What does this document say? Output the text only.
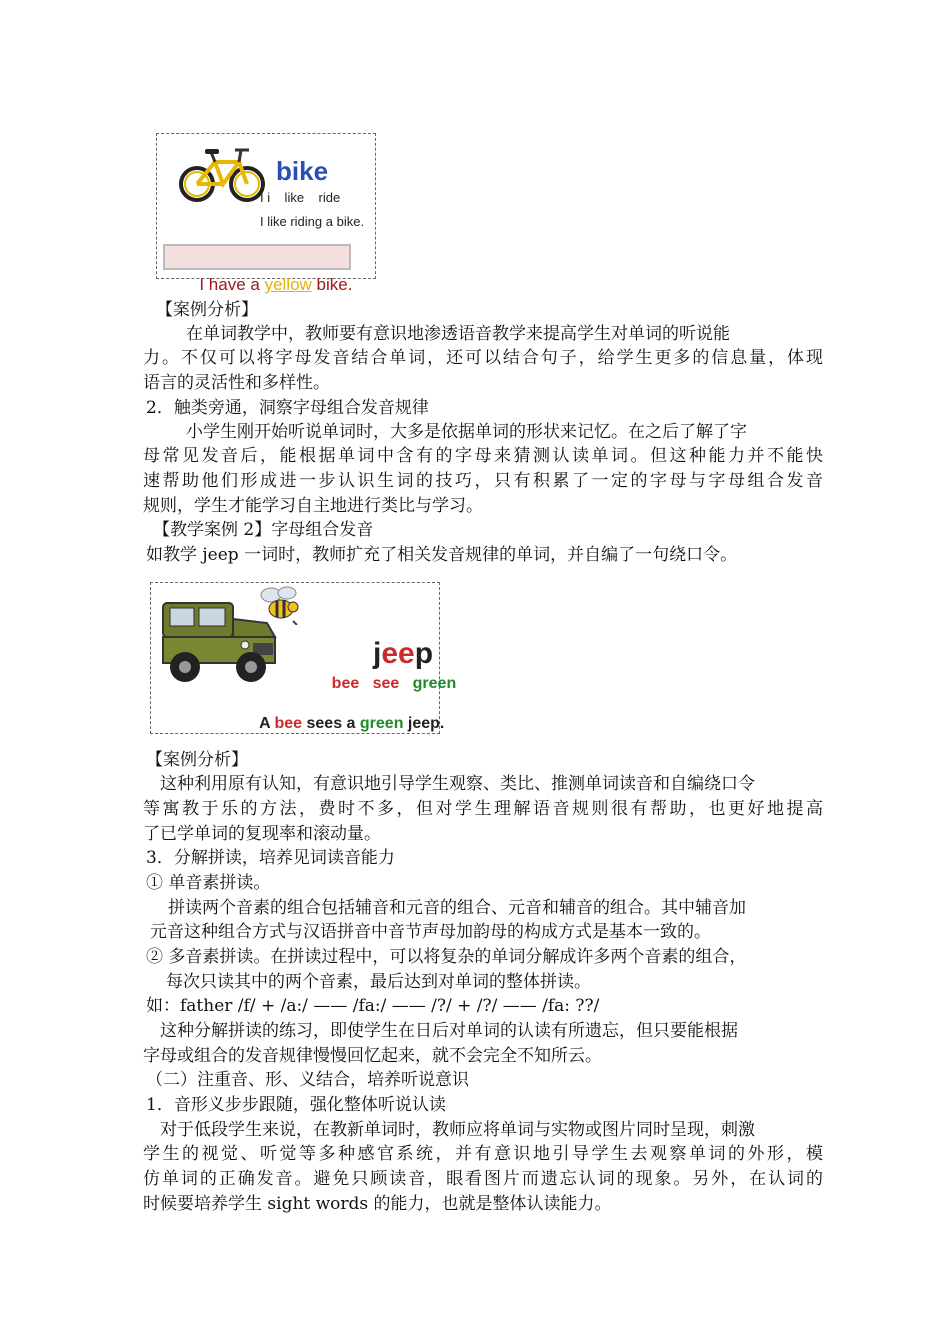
bike
I i    like    ride
I like riding a bike.

I have a yellow bike.

【案例分析】
在单词教学中，教师要有意识地渗透语音教学来提高学生对单词的听说能
力。不仅可以将字母发音结合单词，还可以结合句子，给学生更多的信息量，体现
语言的灵活性和多样性。
2．触类旁通，洞察字母组合发音规律
小学生刚开始听说单词时，大多是依据单词的形状来记忆。在之后了解了字
母常见发音后，能根据单词中含有的字母来猜测认读单词。但这种能力并不能快
速帮助他们形成进一步认识生词的技巧，只有积累了一定的字母与字母组合发音
规则，学生才能学习自主地进行类比与学习。
【教学案例 2】字母组合发音
如教学 jeep 一词时，教师扩充了相关发音规律的单词，并自编了一句绕口令。

jeep

bee see green

A bee sees a green jeep.

【案例分析】
这种利用原有认知，有意识地引导学生观察、类比、推测单词读音和自编绕口令
等寓教于乐的方法，费时不多，但对学生理解语音规则很有帮助，也更好地提高
了已学单词的复现率和滚动量。
3．分解拼读，培养见词读音能力
① 单音素拼读。
拼读两个音素的组合包括辅音和元音的组合、元音和辅音的组合。其中辅音加
元音这种组合方式与汉语拼音中音节声母加韵母的构成方式是基本一致的。
② 多音素拼读。在拼读过程中，可以将复杂的单词分解成许多两个音素的组合，
每次只读其中的两个音素，最后达到对单词的整体拼读。
如：father /f/ + /a:/ —— /fa:/ —— /?/ + /?/ —— /fa: ??/
这种分解拼读的练习，即使学生在日后对单词的认读有所遗忘，但只要能根据
字母或组合的发音规律慢慢回忆起来，就不会完全不知所云。
（二）注重音、形、义结合，培养听说意识
1．音形义步步跟随，强化整体听说认读
对于低段学生来说，在教新单词时，教师应将单词与实物或图片同时呈现，刺激
学生的视觉、听觉等多种感官系统，并有意识地引导学生去观察单词的外形，模
仿单词的正确发音。避免只顾读音，眼看图片而遗忘认词的现象。另外，在认词的
时候要培养学生 sight words 的能力，也就是整体认读能力。
